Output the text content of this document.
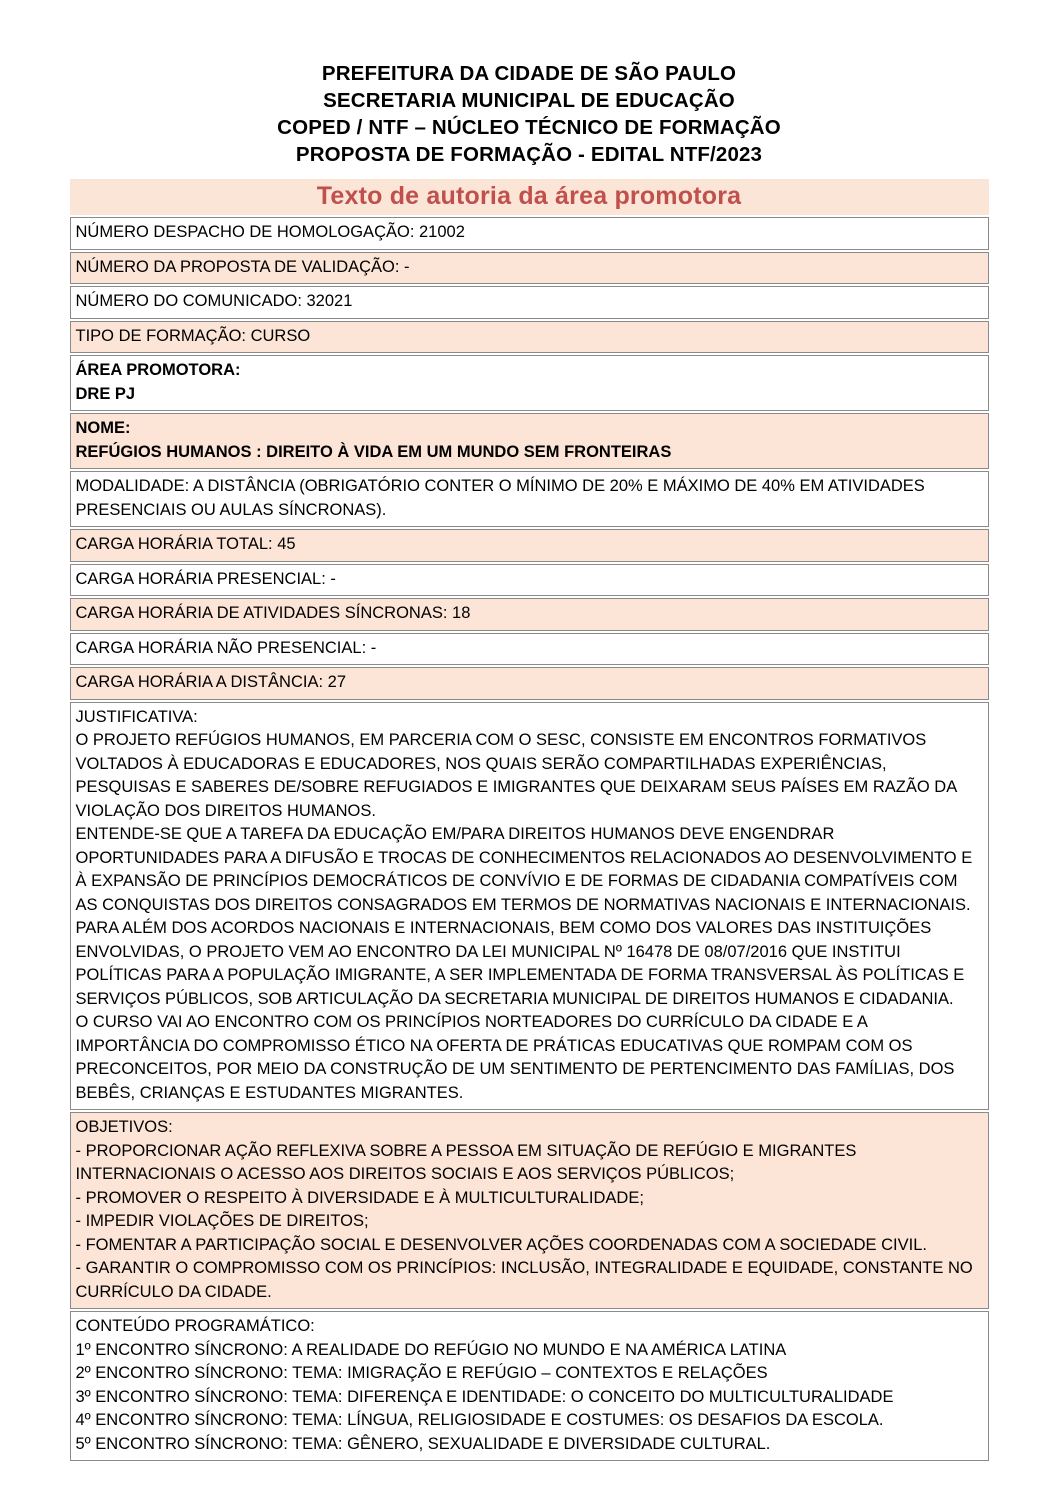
PREFEITURA DA CIDADE DE SÃO PAULO
SECRETARIA MUNICIPAL DE EDUCAÇÃO
COPED / NTF – NÚCLEO TÉCNICO DE FORMAÇÃO
PROPOSTA DE FORMAÇÃO - EDITAL NTF/2023
Texto de autoria da área promotora
NÚMERO DESPACHO DE HOMOLOGAÇÃO: 21002
NÚMERO DA PROPOSTA DE VALIDAÇÃO: -
NÚMERO DO COMUNICADO: 32021
TIPO DE FORMAÇÃO: CURSO

ÁREA PROMOTORA:
DRE PJ

NOME:
REFÚGIOS HUMANOS : DIREITO À VIDA EM UM MUNDO SEM FRONTEIRAS

MODALIDADE: A DISTÂNCIA (OBRIGATÓRIO CONTER O MÍNIMO DE 20% E MÁXIMO DE 40% EM ATIVIDADES PRESENCIAIS OU AULAS SÍNCRONAS).
CARGA HORÁRIA TOTAL: 45
CARGA HORÁRIA PRESENCIAL: -
CARGA HORÁRIA DE ATIVIDADES SÍNCRONAS: 18
CARGA HORÁRIA NÃO PRESENCIAL: -
CARGA HORÁRIA A DISTÂNCIA: 27

JUSTIFICATIVA:
O PROJETO REFÚGIOS HUMANOS, EM PARCERIA COM O SESC, CONSISTE EM ENCONTROS FORMATIVOS VOLTADOS À EDUCADORAS E EDUCADORES, NOS QUAIS SERÃO COMPARTILHADAS EXPERIÊNCIAS, PESQUISAS E SABERES DE/SOBRE REFUGIADOS E IMIGRANTES QUE DEIXARAM SEUS PAÍSES EM RAZÃO DA VIOLAÇÃO DOS DIREITOS HUMANOS.
ENTENDE-SE QUE A TAREFA DA EDUCAÇÃO EM/PARA DIREITOS HUMANOS DEVE ENGENDRAR OPORTUNIDADES PARA A DIFUSÃO E TROCAS DE CONHECIMENTOS RELACIONADOS AO DESENVOLVIMENTO E À EXPANSÃO DE PRINCÍPIOS DEMOCRÁTICOS DE CONVÍVIO E DE FORMAS DE CIDADANIA COMPATÍVEIS COM AS CONQUISTAS DOS DIREITOS CONSAGRADOS EM TERMOS DE NORMATIVAS NACIONAIS E INTERNACIONAIS.
PARA ALÉM DOS ACORDOS NACIONAIS E INTERNACIONAIS, BEM COMO DOS VALORES DAS INSTITUIÇÕES ENVOLVIDAS, O PROJETO VEM AO ENCONTRO DA LEI MUNICIPAL Nº 16478 DE 08/07/2016 QUE INSTITUI POLÍTICAS PARA A POPULAÇÃO IMIGRANTE, A SER IMPLEMENTADA DE FORMA TRANSVERSAL ÀS POLÍTICAS E SERVIÇOS PÚBLICOS, SOB ARTICULAÇÃO DA SECRETARIA MUNICIPAL DE DIREITOS HUMANOS E CIDADANIA.
O CURSO VAI AO ENCONTRO COM OS PRINCÍPIOS NORTEADORES DO CURRÍCULO DA CIDADE E A IMPORTÂNCIA DO COMPROMISSO ÉTICO NA OFERTA DE PRÁTICAS EDUCATIVAS QUE ROMPAM COM OS PRECONCEITOS, POR MEIO DA CONSTRUÇÃO DE UM SENTIMENTO DE PERTENCIMENTO DAS FAMÍLIAS, DOS BEBÊS, CRIANÇAS E ESTUDANTES MIGRANTES.

OBJETIVOS:
- PROPORCIONAR AÇÃO REFLEXIVA SOBRE A PESSOA EM SITUAÇÃO DE REFÚGIO E MIGRANTES INTERNACIONAIS O ACESSO AOS DIREITOS SOCIAIS E AOS SERVIÇOS PÚBLICOS;
- PROMOVER O RESPEITO À DIVERSIDADE E À MULTICULTURALIDADE;
- IMPEDIR VIOLAÇÕES DE DIREITOS;
- FOMENTAR A PARTICIPAÇÃO SOCIAL E DESENVOLVER AÇÕES COORDENADAS COM A SOCIEDADE CIVIL.
- GARANTIR O COMPROMISSO COM OS PRINCÍPIOS: INCLUSÃO, INTEGRALIDADE E EQUIDADE, CONSTANTE NO CURRÍCULO DA CIDADE.

CONTEÚDO PROGRAMÁTICO:
1º ENCONTRO SÍNCRONO: A REALIDADE DO REFÚGIO NO MUNDO E NA AMÉRICA LATINA
2º ENCONTRO SÍNCRONO: TEMA: IMIGRAÇÃO E REFÚGIO – CONTEXTOS E RELAÇÕES
3º ENCONTRO SÍNCRONO: TEMA: DIFERENÇA E IDENTIDADE: O CONCEITO DO MULTICULTURALIDADE
4º ENCONTRO SÍNCRONO: TEMA: LÍNGUA, RELIGIOSIDADE E COSTUMES: OS DESAFIOS DA ESCOLA.
5º ENCONTRO SÍNCRONO: TEMA: GÊNERO, SEXUALIDADE E DIVERSIDADE CULTURAL.
